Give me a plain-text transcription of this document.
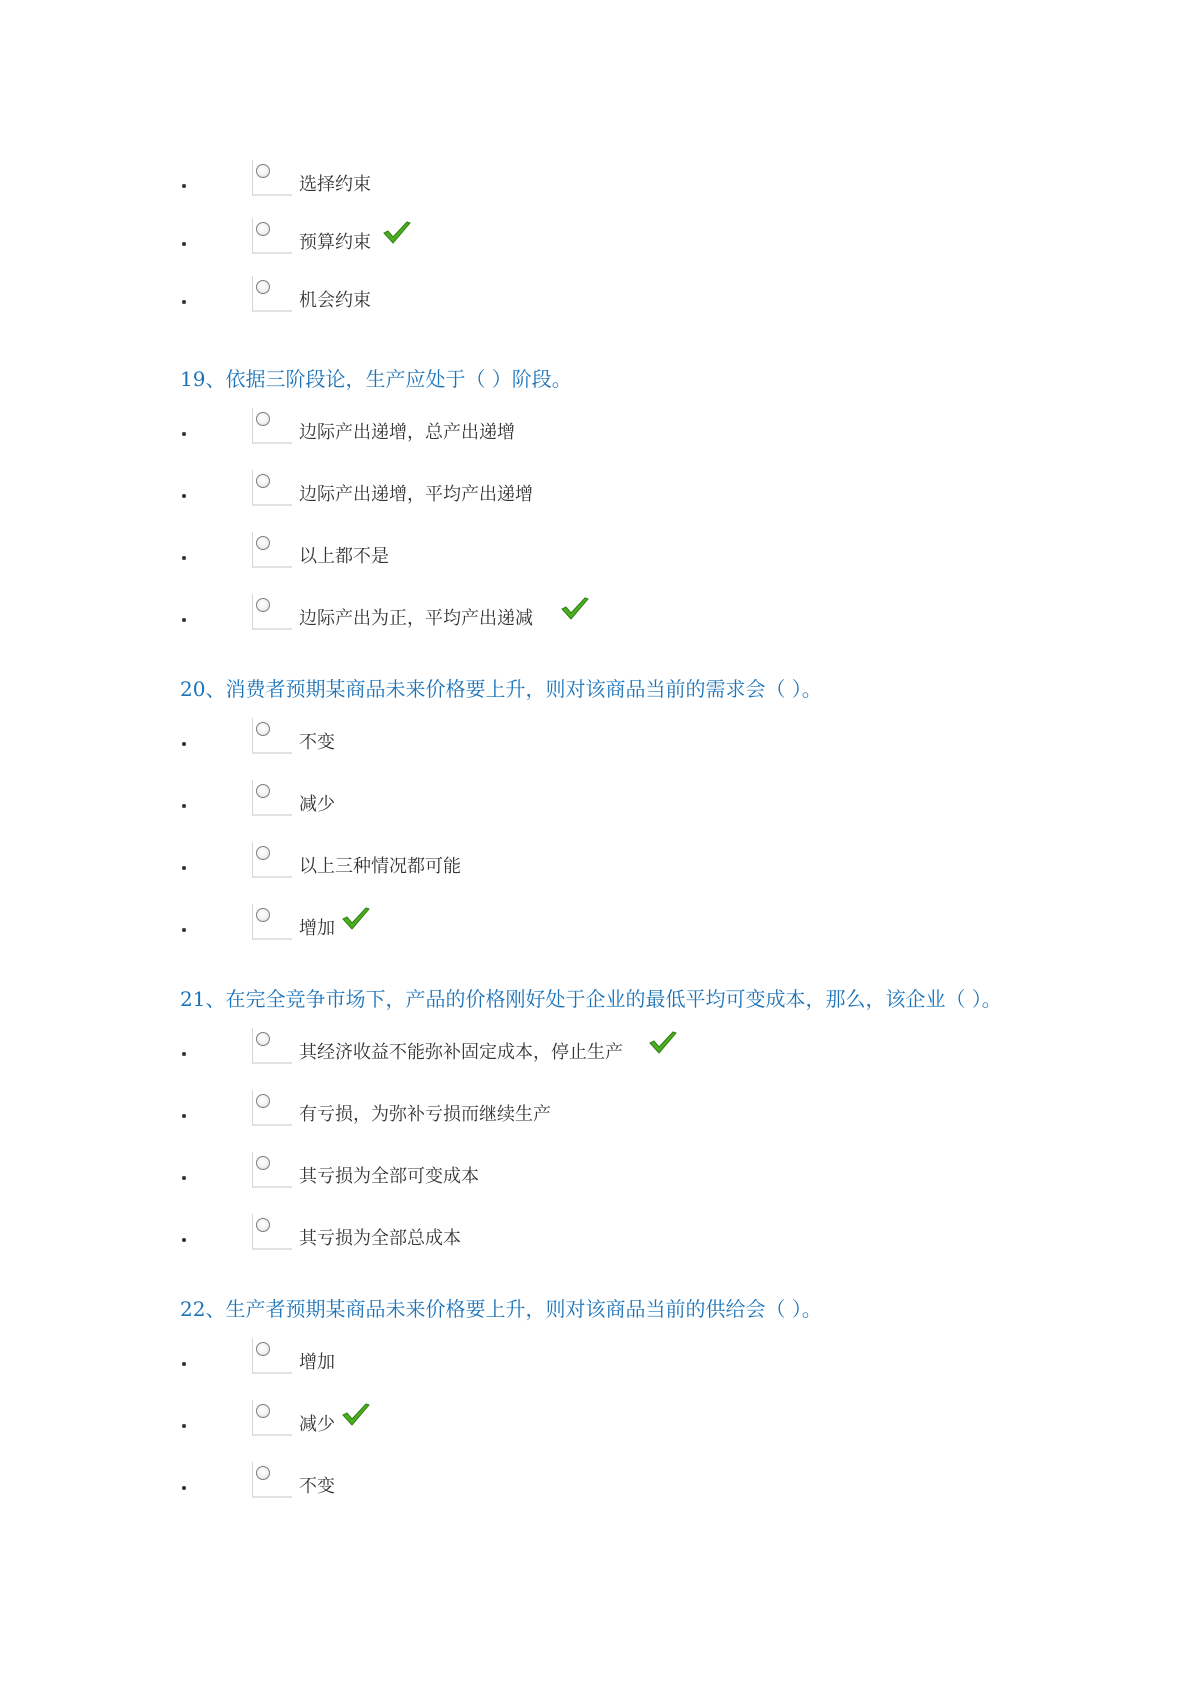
选择约束
预算约束
机会约束
19、依据三阶段论，生产应处于（ ）阶段。
边际产出递增，总产出递增
边际产出递增，平均产出递增
以上都不是
边际产出为正，平均产出递减
20、消费者预期某商品未来价格要上升，则对该商品当前的需求会（ ）。
不变
减少
以上三种情况都可能
增加
21、在完全竞争市场下，产品的价格刚好处于企业的最低平均可变成本，那么，该企业（ ）。
其经济收益不能弥补固定成本，停止生产
有亏损，为弥补亏损而继续生产
其亏损为全部可变成本
其亏损为全部总成本
22、生产者预期某商品未来价格要上升，则对该商品当前的供给会（ ）。
增加
减少
不变
